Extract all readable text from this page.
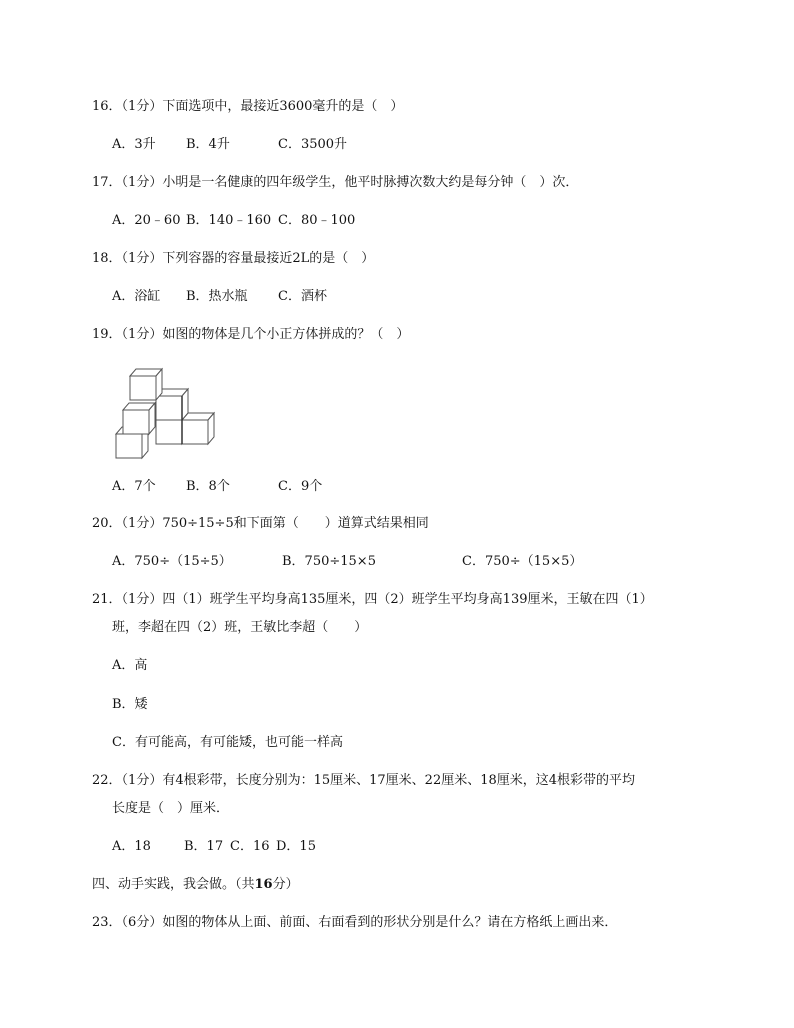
16．（1分）下面选项中，最接近3600毫升的是（　）
A．3升 B．4升	C．3500升
17．（1分）小明是一名健康的四年级学生，他平时脉搏次数大约是每分钟（　）次．
A．20﹣60 B．140﹣160 C．80﹣100
18．（1分）下列容器的容量最接近2L的是（　）
A．浴缸 B．热水瓶 C．酒杯
19．（1分）如图的物体是几个小正方体拼成的？（　）
A．7个 B．8个	C．9个
20．（1分）750÷15÷5和下面第（　　）道算式结果相同
A．750÷（15÷5）	B．750÷15×5	C．750÷（15×5）
21．（1分）四（1）班学生平均身高135厘米，四（2）班学生平均身高139厘米，王敏在四（1）
班，李超在四（2）班，王敏比李超（　　）
A．高
B．矮
C．有可能高，有可能矮，也可能一样高
22．（1分）有4根彩带，长度分别为：15厘米、17厘米、22厘米、18厘米，这4根彩带的平均
长度是（　）厘米．
A．18	B．17 C．16 D．15
四、动手实践，我会做。（共16分）
23．（6分）如图的物体从上面、前面、右面看到的形状分别是什么？请在方格纸上画出来．
